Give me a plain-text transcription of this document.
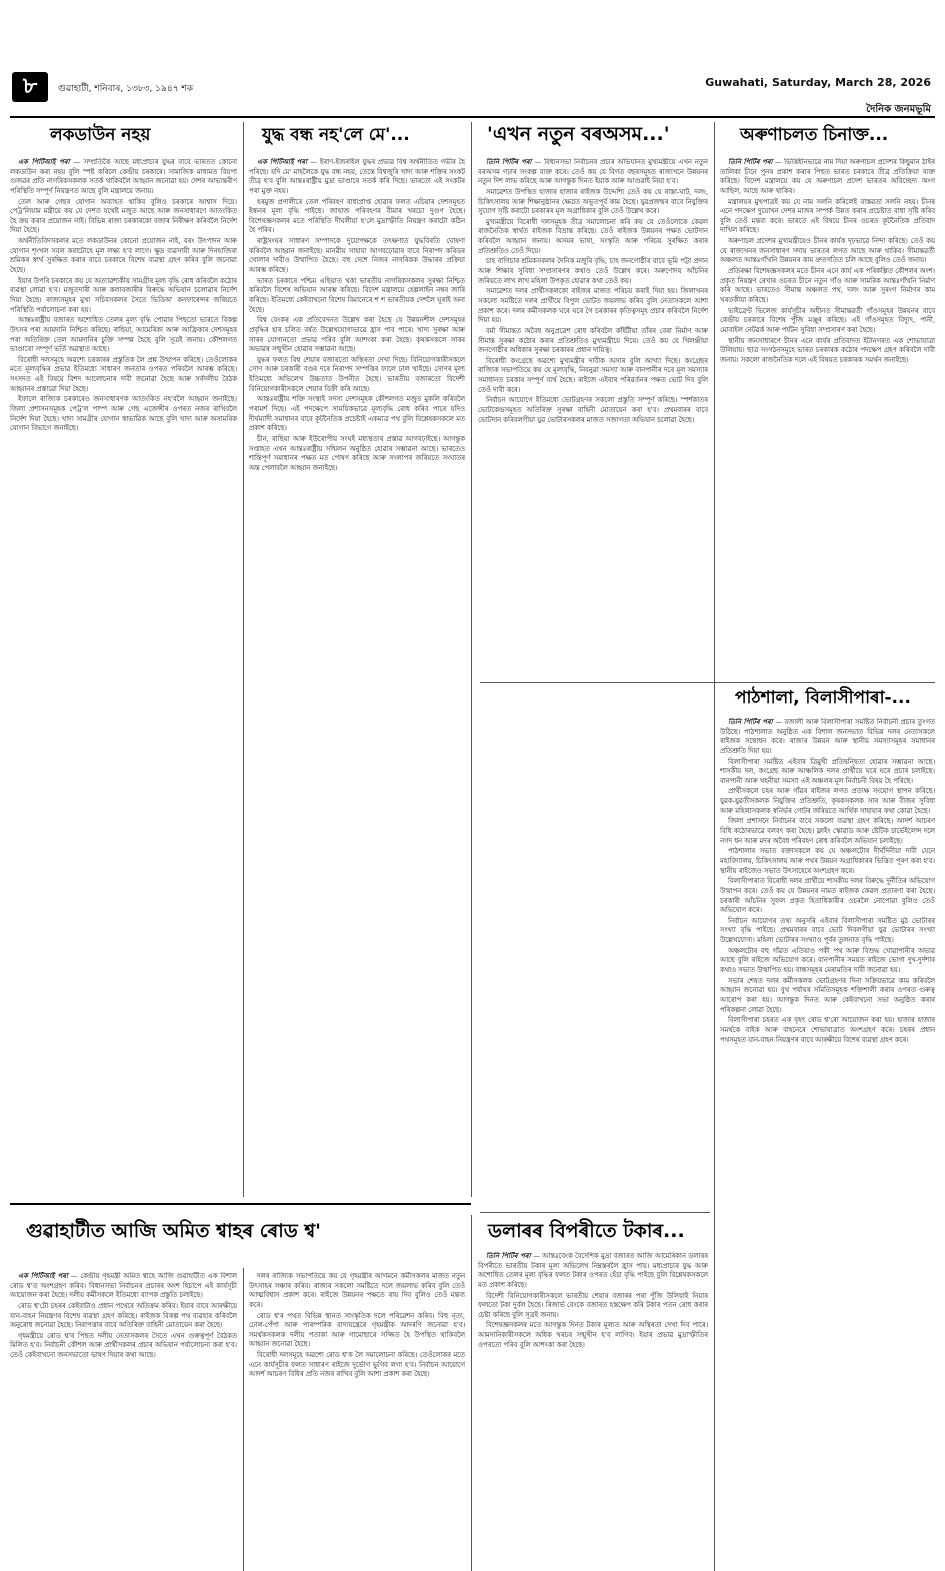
৮	গুৱাহাটী, শনিবাৰ, ১৩৮৩, ১৯৪৭ শক	Guwahati, Saturday, March 28, 2026
দৈনিক জনমভূমি
লকডাউন নহয়

এক পিটিআই পৰা — সম্প্ৰতিকৈ আছে মধ্যপ্ৰাচ্যৰ যুদ্ধৰ বাবে ভাৰতত কোনো লকডাউন কৰা নহয় বুলি স্পষ্ট কৰিলে কেন্দ্ৰীয় চৰকাৰে। সামাজিক মাধ্যমত বিয়পা গুজৱৰ প্ৰতি নাগৰিকসকলক সতৰ্ক থাকিবলৈ আহ্বান জনোৱা হয়। দেশৰ আভ্যন্তৰীণ পৰিস্থিতি সম্পূৰ্ণ নিয়ন্ত্ৰণত আছে বুলি মন্ত্ৰালয়ে জনায়।

তেল আৰু গেছৰ যোগান অব্যাহত থাকিব বুলিও চৰকাৰে আশ্বাস দিয়ে। পেট্ৰ'লিয়াম মন্ত্ৰীয়ে কয় যে দেশত যথেষ্ট মজুত আছে আৰু জনসাধাৰণে আতংকিত হৈ ক্ৰয় কৰাৰ প্ৰয়োজন নাই। বিভিন্ন ৰাজ্য চৰকাৰকো বজাৰ নিৰীক্ষণ কৰিবলৈ নিৰ্দেশ দিয়া হৈছে।

অৰ্থনীতিবিদসকলৰ মতে লকডাউনৰ কোনো প্ৰয়োজন নাই, বৰং উৎপাদন আৰু যোগান শৃংখল সবল কৰাটোহে মূল লক্ষ্য হ'ব লাগে। ক্ষুদ্ৰ ব্যৱসায়ী আৰু দিনহাজিৰা শ্ৰমিকৰ স্বাৰ্থ সুৰক্ষিত কৰাৰ বাবে চৰকাৰে বিশেষ ব্যৱস্থা গ্ৰহণ কৰিব বুলি জনোৱা হৈছে।

ইয়াৰ উপৰি চৰকাৰে কয় যে অত্যাৱশ্যকীয় সামগ্ৰীৰ মূল্য বৃদ্ধি ৰোধ কৰিবলৈ কঠোৰ ব্যৱস্থা লোৱা হ'ব। মজুতদাৰী আৰু কলাবজাৰীৰ বিৰুদ্ধে অভিযান চলোৱাৰ নিৰ্দেশ দিয়া হৈছে। ৰাজ্যসমূহৰ মুখ্য সচিবসকলৰ সৈতে ভিডিঅ' কনফাৰেন্সৰ জৰিয়তে পৰিস্থিতি পৰ্যালোচনা কৰা হয়।

আন্তঃৰাষ্ট্ৰীয় বজাৰত অশোধিত তেলৰ মূল্য বৃদ্ধি পোৱাৰ পিছতো ভাৰতে বিকল্প উৎসৰ পৰা আমদানি নিশ্চিত কৰিছে। ৰাছিয়া, আমেৰিকা আৰু আফ্ৰিকাৰ দেশসমূহৰ পৰা অতিৰিক্ত তেল আমদানিৰ চুক্তি সম্পন্ন হৈছে বুলি সূত্ৰই জনায়। কৌশলগত ভাণ্ডাৰো সম্পূৰ্ণ ভৰ্তি অৱস্থাত আছে।

বিৰোধী দলসমূহে অৱশ্যে চৰকাৰৰ প্ৰস্তুতিক লৈ প্ৰশ্ন উত্থাপন কৰিছে। তেওঁলোকৰ মতে মূল্যবৃদ্ধিৰ প্ৰভাৱ ইতিমধ্যে সাধাৰণ জনতাৰ ওপৰত পৰিবলৈ আৰম্ভ কৰিছে। সংসদত এই বিষয়ে বিশদ আলোচনাৰ দাবী জনোৱা হৈছে আৰু সৰ্বদলীয় বৈঠক আহ্বানৰ প্ৰস্তাৱো দিয়া হৈছে।

ইফালে ৰাজ্যিক চৰকাৰেও জনসাধাৰণক আতংকিত নহ'বলৈ আহ্বান জনাইছে। জিলা প্ৰশাসনসমূহক পেট্ৰ'ল পাম্প আৰু গেছ এজেন্সীৰ ওপৰত নজৰ ৰাখিবলৈ নিৰ্দেশ দিয়া হৈছে। খাদ্য সামগ্ৰীৰ যোগান স্বাভাৱিক আছে বুলি খাদ্য আৰু অসামৰিক যোগান বিভাগে জনাইছে।

যুদ্ধ বন্ধ নহ'লে মে'...

এক পিটিআই পৰা — ইৰাণ-ইজৰাইল যুদ্ধৰ প্ৰভাৱ বিশ্ব অৰ্থনীতিত গভীৰ হৈ পৰিছে। যদি মে' মাহলৈকে যুদ্ধ বন্ধ নহয়, তেন্তে বিশ্বজুৰি খাদ্য আৰু শক্তিৰ সংকট তীব্ৰ হ'ব বুলি আন্তঃৰাষ্ট্ৰীয় মুদ্ৰা ভাণ্ডাৰে সতৰ্ক কৰি দিছে। ভাৰতো এই সংকটৰ পৰা মুক্ত নহয়।

হৰমুজ প্ৰণালীৰে তেল পৰিবহণ বাধাপ্ৰাপ্ত হোৱাৰ ফলত এচিয়াৰ দেশসমূহত ইন্ধনৰ মূল্য বৃদ্ধি পাইছে। জাহাজ পৰিবহণৰ বীমাৰ খৰচো দুগুণ হৈছে। বিশেষজ্ঞসকলৰ মতে পৰিস্থিতি দীঘলীয়া হ'লে মুদ্ৰাস্ফীতি নিয়ন্ত্ৰণ কৰাটো কঠিন হৈ পৰিব।

ৰাষ্ট্ৰসংঘৰ সাধাৰণ সম্পাদকে দুয়োপক্ষকে তৎক্ষণাত যুদ্ধবিৰতি ঘোষণা কৰিবলৈ আহ্বান জনাইছে। মানৱীয় সাহায্য আগবঢ়োৱাৰ বাবে নিৰাপদ কৰিডৰ খোলাৰ দাবীও উত্থাপিত হৈছে। বহু দেশে নিজৰ নাগৰিকক উদ্ধাৰৰ প্ৰক্ৰিয়া আৰম্ভ কৰিছে।

ভাৰত চৰকাৰে পশ্চিম এছিয়াত থকা ভাৰতীয় নাগৰিকসকলৰ সুৰক্ষা নিশ্চিত কৰিবলৈ বিশেষ অভিযান আৰম্ভ কৰিছে। বিদেশ মন্ত্ৰালয়ে হেল্পলাইন নম্বৰ জাৰি কৰিছে। ইতিমধ্যে কেইবাখনো বিশেষ বিমানেৰে শ শ ভাৰতীয়ক দেশলৈ ঘূৰাই অনা হৈছে।

বিশ্ব বেংকৰ এক প্ৰতিবেদনত উল্লেখ কৰা হৈছে যে উন্নয়নশীল দেশসমূহৰ প্ৰবৃদ্ধিৰ হাৰ চলিত বৰ্ষত উল্লেখযোগ্যভাৱে হ্ৰাস পাব পাৰে। খাদ্য সুৰক্ষা আৰু সাৰৰ যোগানতো প্ৰভাৱ পৰিব বুলি আশংকা কৰা হৈছে। কৃষকসকলে সাৰৰ অভাৱৰ সন্মুখীন হোৱাৰ সম্ভাৱনা আছে।

যুদ্ধৰ ফলত বিশ্ব শেয়াৰ বজাৰতো অস্থিৰতা দেখা দিছে। বিনিয়োগকাৰীসকলে সোণ আৰু চৰকাৰী বণ্ডৰ দৰে নিৰাপদ সম্পত্তিৰ ফালে ঢাল খাইছে। সোণৰ মূল্য ইতিমধ্যে অভিলেখ উচ্চতাত উপনীত হৈছে। ভাৰতীয় বজাৰতো বিদেশী বিনিয়োগকাৰীসকলে শেয়াৰ বিক্ৰী কৰি আছে।

আন্তঃৰাষ্ট্ৰীয় শক্তি সংস্থাই সদস্য দেশসমূহক কৌশলগত মজুত মুকলি কৰিবলৈ পৰামৰ্শ দিছে। এই পদক্ষেপে সাময়িকভাৱে মূল্যবৃদ্ধি ৰোধ কৰিব পাৰে যদিও দীৰ্ঘম্যাদী সমাধানৰ বাবে কূটনৈতিক প্ৰচেষ্টাই একমাত্ৰ পথ বুলি বিশ্লেষকসকলে মত প্ৰকাশ কৰিছে।

চীন, ৰাছিয়া আৰু ইউৰোপীয় সংঘই মধ্যস্থতাৰ প্ৰস্তাৱ আগবঢ়াইছে। আগন্তুক সপ্তাহত এখন আন্তঃৰাষ্ট্ৰীয় সন্মিলন অনুষ্ঠিত হোৱাৰ সম্ভাৱনা আছে। ভাৰতেও শান্তিপূৰ্ণ সমাধানৰ পক্ষত মত পোষণ কৰিছে আৰু সংলাপৰ জৰিয়তে সংঘাতৰ অন্ত পেলাবলৈ আহ্বান জনাইছে।

'এখন নতুন বৰঅসম...'

তিনি পিটিৰ পৰা — বিধানসভা নিৰ্বাচনৰ প্ৰচাৰ অভিযানত মুখ্যমন্ত্ৰীয়ে এখন নতুন বৰঅসম গঢ়াৰ সংকল্প ব্যক্ত কৰে। তেওঁ কয় যে বিগত বছৰসমূহত ৰাজ্যখনে উন্নয়নৰ নতুন দিশ লাভ কৰিছে আৰু আগন্তুক দিনত ইয়াক আৰু আগুৱাই নিয়া হ'ব।

সমাৱেশত উপস্থিত হাজাৰ হাজাৰ ৰাইজক উদ্দেশ্যি তেওঁ কয় যে ৰাস্তা-ঘাট, দলং, চিকিৎসালয় আৰু শিক্ষানুষ্ঠানৰ ক্ষেত্ৰত অভূতপূৰ্ব কাম হৈছে। যুৱপ্ৰজন্মৰ বাবে নিযুক্তিৰ সুযোগ সৃষ্টি কৰাটো চৰকাৰৰ মূল অগ্ৰাধিকাৰ বুলি তেওঁ উল্লেখ কৰে।

মুখ্যমন্ত্ৰীয়ে বিৰোধী দলসমূহক তীব্ৰ সমালোচনা কৰি কয় যে তেওঁলোকে কেৱল ৰাজনৈতিক স্বাৰ্থত ৰাইজক বিভ্ৰান্ত কৰিছে। তেওঁ ৰাইজক উন্নয়নৰ পক্ষত ভোটদান কৰিবলৈ আহ্বান জনায়। অসমৰ ভাষা, সংস্কৃতি আৰু পৰিচয় সুৰক্ষিত কৰাৰ প্ৰতিশ্ৰুতিও তেওঁ দিয়ে।

চাহ বাগিচাৰ শ্ৰমিকসকলৰ দৈনিক মজুৰি বৃদ্ধি, চাহ জনগোষ্ঠীৰ বাবে ভূমি পট্টা প্ৰদান আৰু শিক্ষাৰ সুবিধা সম্প্ৰসাৰণৰ কথাও তেওঁ উল্লেখ কৰে। অৰুণোদয় আঁচনিৰ জৰিয়তে লাখ লাখ মহিলা উপকৃত হোৱাৰ কথা তেওঁ কয়।

সমাৱেশত দলৰ প্ৰাৰ্থীসকলকো ৰাইজৰ মাজত পৰিচয় কৰাই দিয়া হয়। জিলাখনৰ সকলো সমষ্টিতে দলৰ প্ৰাৰ্থীয়ে বিপুল ভোটত জয়লাভ কৰিব বুলি নেতাসকলে আশা প্ৰকাশ কৰে। দলৰ কৰ্মীসকলক ঘৰে ঘৰে গৈ চৰকাৰৰ কৃতিত্বসমূহ প্ৰচাৰ কৰিবলৈ নিৰ্দেশ দিয়া হয়।

বৰ্মা সীমান্তত অবৈধ অনুপ্ৰৱেশ ৰোধ কৰিবলৈ কাঁইটীয়া তাঁৰৰ বেৰা নিৰ্মাণ আৰু সীমান্ত সুৰক্ষা কঠোৰ কৰাৰ প্ৰতিশ্ৰুতিও মুখ্যমন্ত্ৰীয়ে দিয়ে। তেওঁ কয় যে খিলঞ্জীয়া জনগোষ্ঠীৰ অধিকাৰ সুৰক্ষা চৰকাৰৰ প্ৰধান দায়িত্ব।

বিৰোধী কংগ্ৰেছে অৱশ্যে মুখ্যমন্ত্ৰীৰ দাবীক অসাৰ বুলি আখ্যা দিছে। কংগ্ৰেছৰ ৰাজ্যিক সভাপতিয়ে কয় যে মূল্যবৃদ্ধি, নিবনুৱা সমস্যা আৰু বানপানীৰ দৰে মূল সমস্যাৰ সমাধানত চৰকাৰ সম্পূৰ্ণ ব্যৰ্থ হৈছে। ৰাইজে এইবাৰ পৰিৱৰ্তনৰ পক্ষত ভোট দিব বুলি তেওঁ দাবী কৰে।

নিৰ্বাচন আয়োগে ইতিমধ্যে ভোটগ্ৰহণৰ সকলো প্ৰস্তুতি সম্পূৰ্ণ কৰিছে। স্পৰ্শকাতৰ ভোটকেন্দ্ৰসমূহত অতিৰিক্ত সুৰক্ষা বাহিনী মোতায়েন কৰা হ'ব। প্ৰথমবাৰৰ বাবে ভোটদান কৰিবলগীয়া যুৱ ভোটাৰসকলৰ মাজত সজাগতা অভিযান চলোৱা হৈছে।

অৰুণাচলত চিনাক্ত...

তিনি পিটিৰ পৰা — ভিত্তিহীনভাৱে নাম দিয়া অৰুণাচল প্ৰদেশৰ কিছুমান ঠাইৰ তালিকা চীনে পুনৰ প্ৰকাশ কৰাৰ পিছত ভাৰত চৰকাৰে তীব্ৰ প্ৰতিক্ৰিয়া ব্যক্ত কৰিছে। বিদেশ মন্ত্ৰালয়ে কয় যে অৰুণাচল প্ৰদেশ ভাৰতৰ অবিচ্ছেদ্য অংগ আছিল, আছে আৰু থাকিব।

মন্ত্ৰালয়ৰ মুখপাত্ৰই কয় যে নাম সলনি কৰিলেই বাস্তৱতা সলনি নহয়। চীনৰ এনে পদক্ষেপ দুয়োখন দেশৰ মাজৰ সম্পৰ্ক উন্নত কৰাৰ প্ৰচেষ্টাত বাধা সৃষ্টি কৰিব বুলি তেওঁ মন্তব্য কৰে। ভাৰতে এই বিষয়ে চীনৰ ওচৰত কূটনৈতিক প্ৰতিবাদ দাখিল কৰিছে।

অৰুণাচল প্ৰদেশৰ মুখ্যমন্ত্ৰীয়েও চীনৰ কাৰ্যক দৃঢ়ভাৱে নিন্দা কৰিছে। তেওঁ কয় যে ৰাজ্যখনৰ জনসাধাৰণ সদায় ভাৰতৰ লগত আছে আৰু থাকিব। সীমান্তৱৰ্তী অঞ্চলত আন্তঃগাঁথনি উন্নয়নৰ কাম দ্ৰুতগতিত চলি আছে বুলিও তেওঁ জনায়।

প্ৰতিৰক্ষা বিশেষজ্ঞসকলৰ মতে চীনৰ এনে কাৰ্য এক পৰিকল্পিত কৌশলৰ অংশ। প্ৰকৃত নিয়ন্ত্ৰণ ৰেখাৰ ওচৰত চীনে নতুন গাঁও আৰু সামৰিক আন্তঃগাঁথনি নিৰ্মাণ কৰি আছে। ভাৰতেও সীমান্ত অঞ্চলত পথ, দলং আৰু সুৰংগ নিৰ্মাণৰ কাম খৰতকীয়া কৰিছে।

ভাইব্ৰেণ্ট ভিলেজ কাৰ্যসূচীৰ অধীনত সীমান্তৱৰ্তী গাঁওসমূহৰ উন্নয়নৰ বাবে কেন্দ্ৰীয় চৰকাৰে বিশেষ পুঁজি মঞ্জুৰ কৰিছে। এই গাঁওসমূহত বিদ্যুৎ, পানী, মোবাইল নেটৱৰ্ক আৰু পৰ্যটন সুবিধা সম্প্ৰসাৰণ কৰা হৈছে।

স্থানীয় জনসাধাৰণে চীনৰ এনে কাৰ্যৰ প্ৰতিবাদত ইটানগৰত এক শোভাযাত্ৰা উলিয়ায়। ছাত্ৰ সংগঠনসমূহে ভাৰত চৰকাৰক কঠোৰ পদক্ষেপ গ্ৰহণ কৰিবলৈ দাবী জনায়। সকলো ৰাজনৈতিক দলে এই বিষয়ত চৰকাৰক সমৰ্থন জনাইছে।

পাঠশালা, বিলাসীপাৰা-...

তিনি পিটিৰ পৰা — বজালী আৰু বিলাসীপাৰা সমষ্টিত নিৰ্বাচনী প্ৰচাৰ তুংগত উঠিছে। পাঠশালাত অনুষ্ঠিত এক বিশাল জনসভাত বিভিন্ন দলৰ নেতাসকলে ৰাইজক সম্বোধন কৰে। ৰাজ্যৰ উন্নয়ন আৰু স্থানীয় সমস্যাসমূহৰ সমাধানৰ প্ৰতিশ্ৰুতি দিয়া হয়।

বিলাসীপাৰা সমষ্টিত এইবাৰ ত্ৰিমুখী প্ৰতিদ্বন্দ্বিতা হোৱাৰ সম্ভাৱনা আছে। শাসকীয় দল, কংগ্ৰেছ আৰু আঞ্চলিক দলৰ প্ৰাৰ্থীয়ে ঘৰে ঘৰে প্ৰচাৰ চলাইছে। বানপানী আৰু খহনীয়া সমস্যা এই অঞ্চলৰ মূল নিৰ্বাচনী বিষয় হৈ পৰিছে।

প্ৰাৰ্থীসকলে চহৰ আৰু গাঁৱৰ ৰাইজৰ লগত প্ৰত্যক্ষ সংযোগ স্থাপন কৰিছে। যুৱক-যুৱতীসকলক নিযুক্তিৰ প্ৰতিশ্ৰুতি, কৃষকসকলক সাৰ আৰু বীজৰ সুবিধা আৰু মহিলাসকলক স্বনিৰ্ভৰ গোটৰ জৰিয়তে আৰ্থিক সাহায্যৰ কথা কোৱা হৈছে।

জিলা প্ৰশাসনে নিৰ্বাচনৰ বাবে সকলো ব্যৱস্থা গ্ৰহণ কৰিছে। আদৰ্শ আচৰণ বিধি কঠোৰভাৱে বলবৎ কৰা হৈছে। ফ্লাইং স্কোৱাড আৰু ষ্টেটিক চাৰ্ভেইলেন্স দলে নগদ ধন আৰু মদৰ অবৈধ পৰিবহণ ৰোধ কৰিবলৈ অভিযান চলাইছে।

পাঠশালাৰ সভাত বক্তাসকলে কয় যে অঞ্চলটোৰ দীৰ্ঘদিনীয়া দাবী যেনে মহাবিদ্যালয়, চিকিৎসালয় আৰু পথৰ উন্নয়ন অগ্ৰাধিকাৰৰ ভিত্তিত পূৰণ কৰা হ'ব। স্থানীয় ৰাইজেও সভাত উৎসাহেৰে অংশগ্ৰহণ কৰে।

বিলাসীপাৰাত বিৰোধী দলৰ প্ৰাৰ্থীয়ে শাসকীয় দলৰ বিৰুদ্ধে দুৰ্নীতিৰ অভিযোগ উত্থাপন কৰে। তেওঁ কয় যে উন্নয়নৰ নামত ৰাইজক কেৱল প্ৰতাৰণা কৰা হৈছে। চৰকাৰী আঁচনিৰ সুফল প্ৰকৃত হিতাধিকাৰীৰ ওচৰলৈ নোপোৱা বুলিও তেওঁ অভিযোগ কৰে।

নিৰ্বাচন আয়োগৰ তথ্য অনুসৰি এইবাৰ বিলাসীপাৰা সমষ্টিত মুঠ ভোটাৰৰ সংখ্যা বৃদ্ধি পাইছে। প্ৰথমবাৰৰ বাবে ভোট দিবলগীয়া যুৱ ভোটাৰৰ সংখ্যা উল্লেখযোগ্য। মহিলা ভোটাৰৰ সংখ্যাও পূৰ্বৰ তুলনাত বৃদ্ধি পাইছে।

অঞ্চলটোৰ বহু গাঁৱত এতিয়াও পকী পথ আৰু বিশুদ্ধ খোৱাপানীৰ অভাৱ আছে বুলি ৰাইজে অভিযোগ কৰে। বানপানীৰ সময়ত ৰাইজে ভোগা দুখ-দুৰ্দশাৰ কথাও সভাত উত্থাপিত হয়। বান্ধসমূহৰ মেৰামতিৰ দাবী জনোৱা হয়।

সভাৰ শেষত দলৰ কৰ্মীসকলক ভোটগ্ৰহণৰ দিনা সক্ৰিয়ভাৱে কাম কৰিবলৈ আহ্বান জনোৱা হয়। বুথ পৰ্যায়ৰ সমিতিসমূহক শক্তিশালী কৰাৰ ওপৰত গুৰুত্ব আৰোপ কৰা হয়। আগন্তুক দিনত আৰু কেইবাখনো সভা অনুষ্ঠিত কৰাৰ পৰিকল্পনা লোৱা হৈছে।

বিলাসীপাৰা চহৰত এক বৃহৎ ৰোড শ্ব'ৰো আয়োজন কৰা হয়। হাজাৰ হাজাৰ সমৰ্থকে বাইক আৰু বাহনেৰে শোভাযাত্ৰাত অংশগ্ৰহণ কৰে। চহৰৰ প্ৰধান পথসমূহত যান-বাহন নিয়ন্ত্ৰণৰ বাবে আৰক্ষীয়ে বিশেষ ব্যৱস্থা গ্ৰহণ কৰে।

গুৱাহাটীত আজি অমিত শ্বাহৰ ৰোড শ্ব'

এক পিটিআই পৰা — কেন্দ্ৰীয় গৃহমন্ত্ৰী অমিত শ্বাহে আজি গুৱাহাটীত এক বিশাল ৰোড শ্ব'ত অংশগ্ৰহণ কৰিব। বিধানসভা নিৰ্বাচনৰ প্ৰচাৰৰ অংশ হিচাপে এই কাৰ্যসূচী আয়োজন কৰা হৈছে। দলীয় কৰ্মীসকলে ইতিমধ্যে ব্যাপক প্ৰস্তুতি চলাইছে।

ৰোড শ্ব'টো চহৰৰ কেইবাটাও প্ৰধান পথেৰে অতিক্ৰম কৰিব। ইয়াৰ বাবে আৰক্ষীয়ে যান-বাহন নিয়ন্ত্ৰণৰ বিশেষ ব্যৱস্থা গ্ৰহণ কৰিছে। ৰাইজক বিকল্প পথ ব্যৱহাৰ কৰিবলৈ অনুৰোধ জনোৱা হৈছে। নিৰাপত্তাৰ বাবে অতিৰিক্ত বাহিনী মোতায়েন কৰা হৈছে।

গৃহমন্ত্ৰীয়ে ৰোড শ্ব'ৰ পিছত দলীয় নেতাসকলৰ সৈতে এখন গুৰুত্বপূৰ্ণ বৈঠকত মিলিত হ'ব। নিৰ্বাচনী কৌশল আৰু প্ৰাৰ্থীসকলৰ প্ৰচাৰ অভিযান পৰ্যালোচনা কৰা হ'ব। তেওঁ কেইবাখনো জনসভাতো ভাষণ দিয়াৰ কথা আছে।

দলৰ ৰাজ্যিক সভাপতিয়ে কয় যে গৃহমন্ত্ৰীৰ আগমনে কৰ্মীসকলৰ মাজত নতুন উৎসাহৰ সঞ্চাৰ কৰিব। ৰাজ্যৰ সকলো সমষ্টিতে দলে জয়লাভ কৰিব বুলি তেওঁ আত্মবিশ্বাস প্ৰকাশ কৰে। ৰাইজে উন্নয়নৰ পক্ষতে ৰায় দিব বুলিও তেওঁ মন্তব্য কৰে।

ৰোড শ্ব'ৰ পথত বিভিন্ন স্থানত সাংস্কৃতিক দলে পৰিৱেশন কৰিব। বিহু নৃত্য, ঢোল-পেঁপা আৰু পাৰম্পৰিক বাদ্যযন্ত্ৰেৰে গৃহমন্ত্ৰীক আদৰণি জনোৱা হ'ব। সমৰ্থকসকলক দলীয় পতাকা আৰু গামোছাৰে সজ্জিত হৈ উপস্থিত থাকিবলৈ আহ্বান জনোৱা হৈছে।

বিৰোধী দলসমূহে অৱশ্যে ৰোড শ্ব'ক লৈ সমালোচনা কৰিছে। তেওঁলোকৰ মতে এনে কাৰ্যসূচীৰ ফলত সাধাৰণ ৰাইজে দুৰ্ভোগ ভুগিব লগা হ'ব। নিৰ্বাচন আয়োগে আদৰ্শ আচৰণ বিধিৰ প্ৰতি নজৰ ৰাখিব বুলি আশা প্ৰকাশ কৰা হৈছে।

ডলাৰৰ বিপৰীতে টকাৰ...

তিনি পিটিৰ পৰা — আন্তঃবেংক বৈদেশিক মুদ্ৰা বজাৰত আজি আমেৰিকান ডলাৰৰ বিপৰীতে ভাৰতীয় টকাৰ মূল্য অভিলেখ নিম্নস্তৰলৈ হ্ৰাস পায়। মধ্যপ্ৰাচ্যৰ যুদ্ধ আৰু অশোধিত তেলৰ মূল্য বৃদ্ধিৰ ফলত টকাৰ ওপৰত হেঁচা বৃদ্ধি পাইছে বুলি বিশ্লেষকসকলে মত প্ৰকাশ কৰিছে।

বিদেশী বিনিয়োগকাৰীসকলে ভাৰতীয় শেয়াৰ বজাৰৰ পৰা পুঁজি উলিয়াই নিয়াৰ ফলতো টকা দুৰ্বল হৈছে। ৰিজাৰ্ভ বেংকে বজাৰত হস্তক্ষেপ কৰি টকাৰ পতন ৰোধ কৰাৰ চেষ্টা কৰিছে বুলি সূত্ৰই জনায়।

বিশেষজ্ঞসকলৰ মতে আগন্তুক দিনত টকাৰ মূল্যত আৰু অস্থিৰতা দেখা দিব পাৰে। আমদানিকাৰীসকলে অধিক খৰচৰ সন্মুখীন হ'ব লাগিব। ইয়াৰ প্ৰভাৱ মুদ্ৰাস্ফীতিৰ ওপৰতো পৰিব বুলি আশংকা কৰা হৈছে।
